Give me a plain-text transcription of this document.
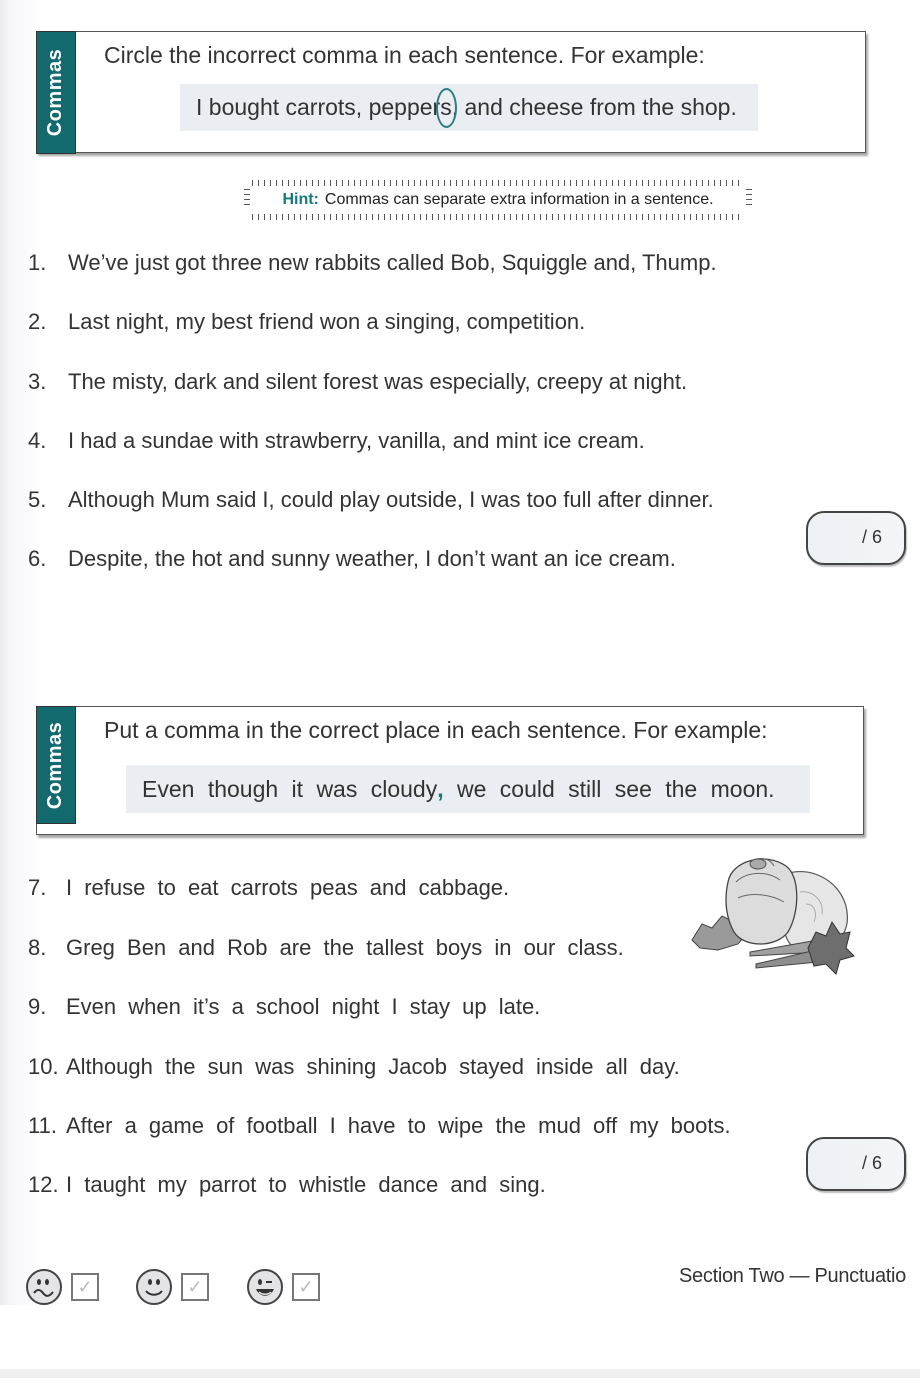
Commas Circle the incorrect comma in each sentence. For example:
I bought carrots, pepper s,
and cheese from the shop.
Hint: Commas can separate extra information in a sentence.
1. We’ve just got three new rabbits called Bob, Squiggle and, Thump.
2. Last night, my best friend won a singing, competition.
3. The misty, dark and silent forest was especially, creepy at night.
4. I had a sundae with strawberry, vanilla, and mint ice cream.
5. Although Mum said I, could play outside, I was too full after dinner.
6. Despite, the hot and sunny weather, I don’t want an ice cream.
/ 6
Commas Put a comma in the correct place in each sentence. For example:
Even though it was cloudy , we could still see the moon.
7. I refuse to eat carrots peas and cabbage.
8. Greg Ben and Rob are the tallest boys in our class.
9. Even when it’s a school night I stay up late.
10. Although the sun was shining Jacob stayed inside all day.
11. After a game of football I have to wipe the mud off my boots.
12. I taught my parrot to whistle dance and sing.
/ 6
✓	✓	✓	Section Two — Punctuatio
